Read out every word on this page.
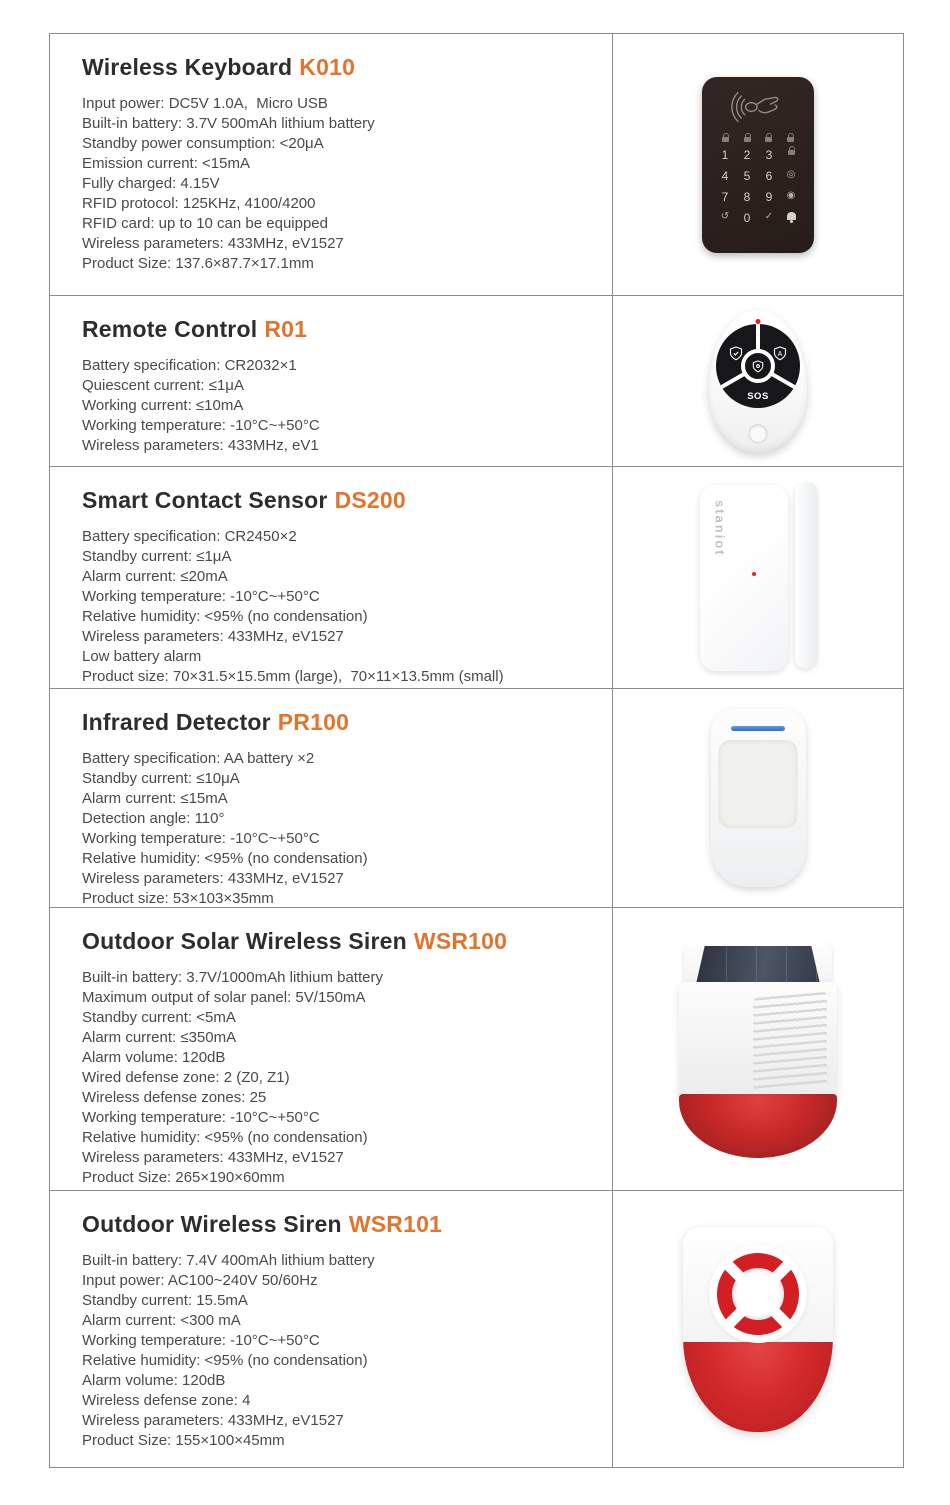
Wireless Keyboard K010
Input power: DC5V 1.0A,  Micro USB
Built-in battery: 3.7V 500mAh lithium battery
Standby power consumption: <20μA
Emission current: <15mA
Fully charged: 4.15V
RFID protocol: 125KHz, 4100/4200
RFID card: up to 10 can be equipped
Wireless parameters: 433MHz, eV1527
Product Size: 137.6×87.7×17.1mm
1	2	3
4	5	6	◎
7	8	9	◉
↺	0	✓
Remote Control R01
Battery specification: CR2032×1
Quiescent current: ≤1μA
Working current: ≤10mA
Working temperature: -10°C~+50°C
Wireless parameters: 433MHz, eV1
A
SOS
Smart Contact Sensor DS200
Battery specification: CR2450×2
Standby current: ≤1μA
Alarm current: ≤20mA
Working temperature: -10°C~+50°C
Relative humidity: <95% (no condensation)
Wireless parameters: 433MHz, eV1527
Low battery alarm
Product size: 70×31.5×15.5mm (large),  70×11×13.5mm (small)
staniot
Infrared Detector PR100
Battery specification: AA battery ×2
Standby current: ≤10μA
Alarm current: ≤15mA
Detection angle: 110°
Working temperature: -10°C~+50°C
Relative humidity: <95% (no condensation)
Wireless parameters: 433MHz, eV1527
Product size: 53×103×35mm
Outdoor Solar Wireless Siren WSR100
Built-in battery: 3.7V/1000mAh lithium battery
Maximum output of solar panel: 5V/150mA
Standby current: <5mA
Alarm current: ≤350mA
Alarm volume: 120dB
Wired defense zone: 2 (Z0, Z1)
Wireless defense zones: 25
Working temperature: -10°C~+50°C
Relative humidity: <95% (no condensation)
Wireless parameters: 433MHz, eV1527
Product Size: 265×190×60mm
Outdoor Wireless Siren WSR101
Built-in battery: 7.4V 400mAh lithium battery
Input power: AC100~240V 50/60Hz
Standby current: 15.5mA
Alarm current: <300 mA
Working temperature: -10°C~+50°C
Relative humidity: <95% (no condensation)
Alarm volume: 120dB
Wireless defense zone: 4
Wireless parameters: 433MHz, eV1527
Product Size: 155×100×45mm
